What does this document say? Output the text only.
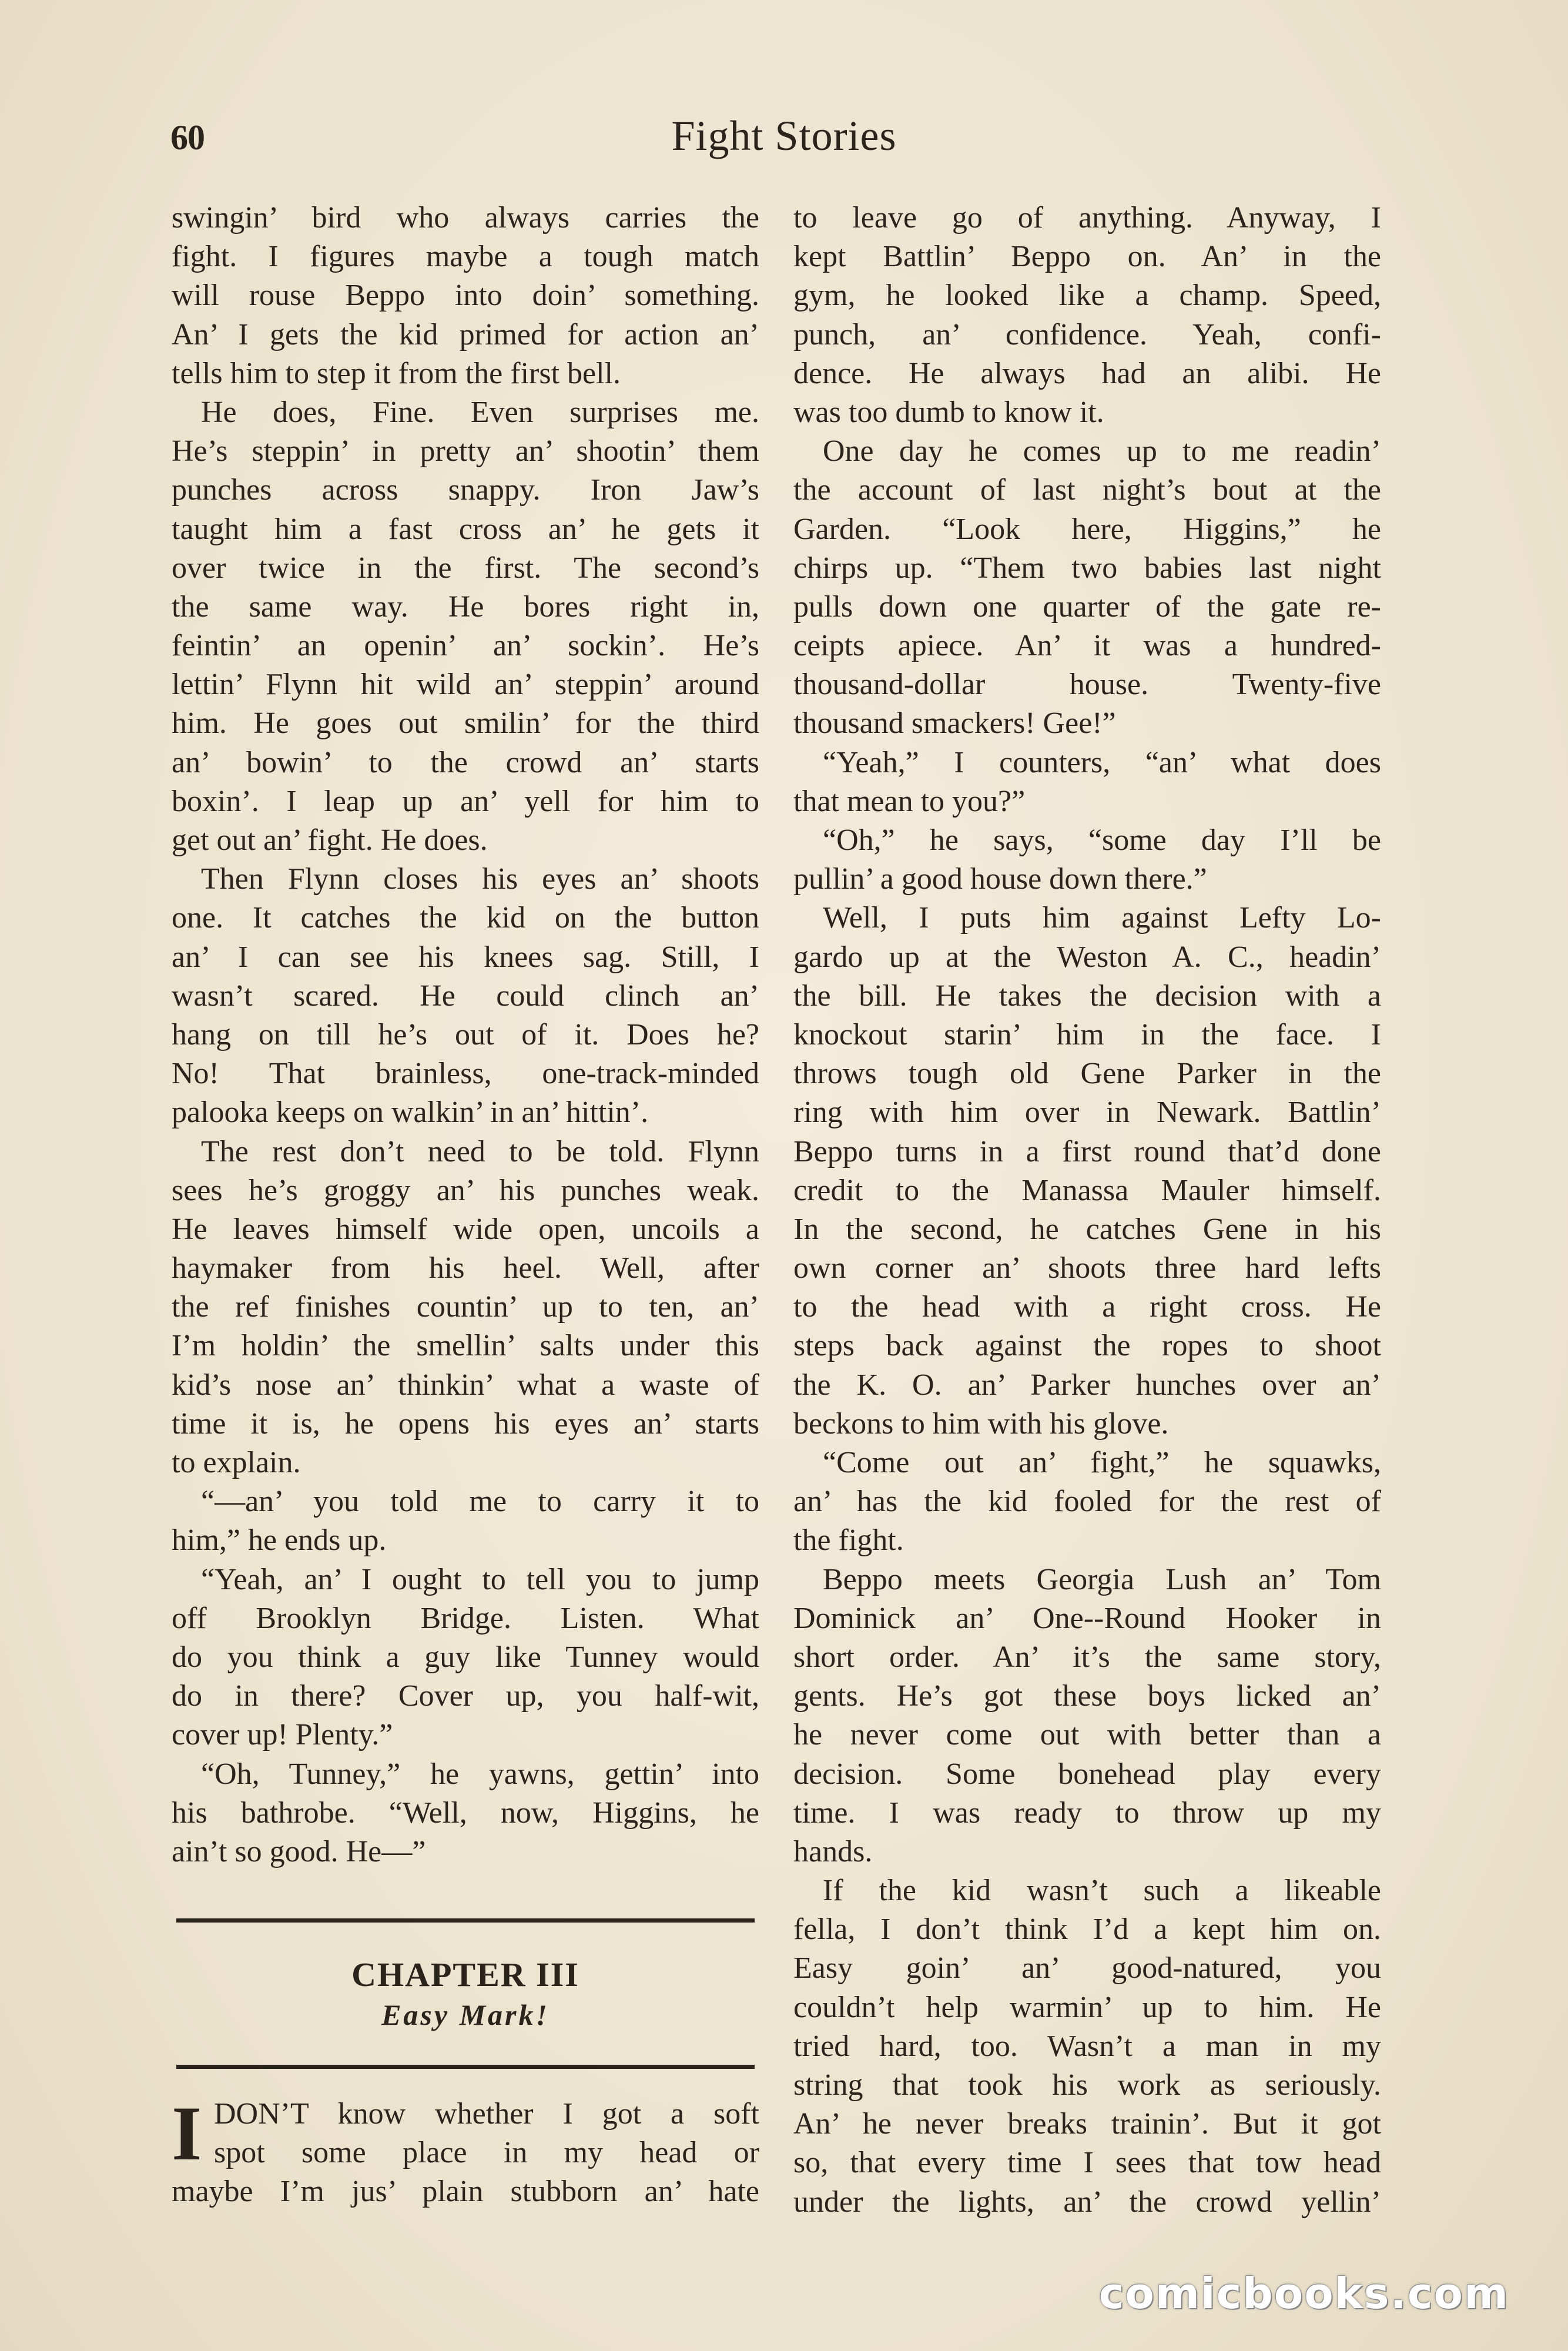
60	Fight Stories
swingin’ bird who always carries the
fight. I figures maybe a tough match
will rouse Beppo into doin’ something.
An’ I gets the kid primed for action an’
tells him to step it from the first bell.
He does, Fine. Even surprises me.
He’s steppin’ in pretty an’ shootin’ them
punches across snappy. Iron Jaw’s
taught him a fast cross an’ he gets it
over twice in the first. The second’s
the same way. He bores right in,
feintin’ an openin’ an’ sockin’. He’s
lettin’ Flynn hit wild an’ steppin’ around
him. He goes out smilin’ for the third
an’ bowin’ to the crowd an’ starts
boxin’. I leap up an’ yell for him to
get out an’ fight. He does.
Then Flynn closes his eyes an’ shoots
one. It catches the kid on the button
an’ I can see his knees sag. Still, I
wasn’t scared. He could clinch an’
hang on till he’s out of it. Does he?
No! That brainless, one-track-minded
palooka keeps on walkin’ in an’ hittin’.
The rest don’t need to be told. Flynn
sees he’s groggy an’ his punches weak.
He leaves himself wide open, uncoils a
haymaker from his heel. Well, after
the ref finishes countin’ up to ten, an’
I’m holdin’ the smellin’ salts under this
kid’s nose an’ thinkin’ what a waste of
time it is, he opens his eyes an’ starts
to explain.
“—an’ you told me to carry it to
him,” he ends up.
“Yeah, an’ I ought to tell you to jump
off Brooklyn Bridge. Listen. What
do you think a guy like Tunney would
do in there? Cover up, you half-wit,
cover up! Plenty.”
“Oh, Tunney,” he yawns, gettin’ into
his bathrobe. “Well, now, Higgins, he
ain’t so good. He—”
CHAPTER III
Easy Mark!
I DON’T know whether I got a soft
spot some place in my head or
maybe I’m jus’ plain stubborn an’ hate
to leave go of anything. Anyway, I
kept Battlin’ Beppo on. An’ in the
gym, he looked like a champ. Speed,
punch, an’ confidence. Yeah, confi-
dence. He always had an alibi. He
was too dumb to know it.
One day he comes up to me readin’
the account of last night’s bout at the
Garden. “Look here, Higgins,” he
chirps up. “Them two babies last night
pulls down one quarter of the gate re-
ceipts apiece. An’ it was a hundred-
thousand-dollar house. Twenty-five
thousand smackers! Gee!”
“Yeah,” I counters, “an’ what does
that mean to you?”
“Oh,” he says, “some day I’ll be
pullin’ a good house down there.”
Well, I puts him against Lefty Lo-
gardo up at the Weston A. C., headin’
the bill. He takes the decision with a
knockout starin’ him in the face. I
throws tough old Gene Parker in the
ring with him over in Newark. Battlin’
Beppo turns in a first round that’d done
credit to the Manassa Mauler himself.
In the second, he catches Gene in his
own corner an’ shoots three hard lefts
to the head with a right cross. He
steps back against the ropes to shoot
the K. O. an’ Parker hunches over an’
beckons to him with his glove.
“Come out an’ fight,” he squawks,
an’ has the kid fooled for the rest of
the fight.
Beppo meets Georgia Lush an’ Tom
Dominick an’ One--Round Hooker in
short order. An’ it’s the same story,
gents. He’s got these boys licked an’
he never come out with better than a
decision. Some bonehead play every
time. I was ready to throw up my
hands.
If the kid wasn’t such a likeable
fella, I don’t think I’d a kept him on.
Easy goin’ an’ good-natured, you
couldn’t help warmin’ up to him. He
tried hard, too. Wasn’t a man in my
string that took his work as seriously.
An’ he never breaks trainin’. But it got
so, that every time I sees that tow head
under the lights, an’ the crowd yellin’
comicbooks.com
